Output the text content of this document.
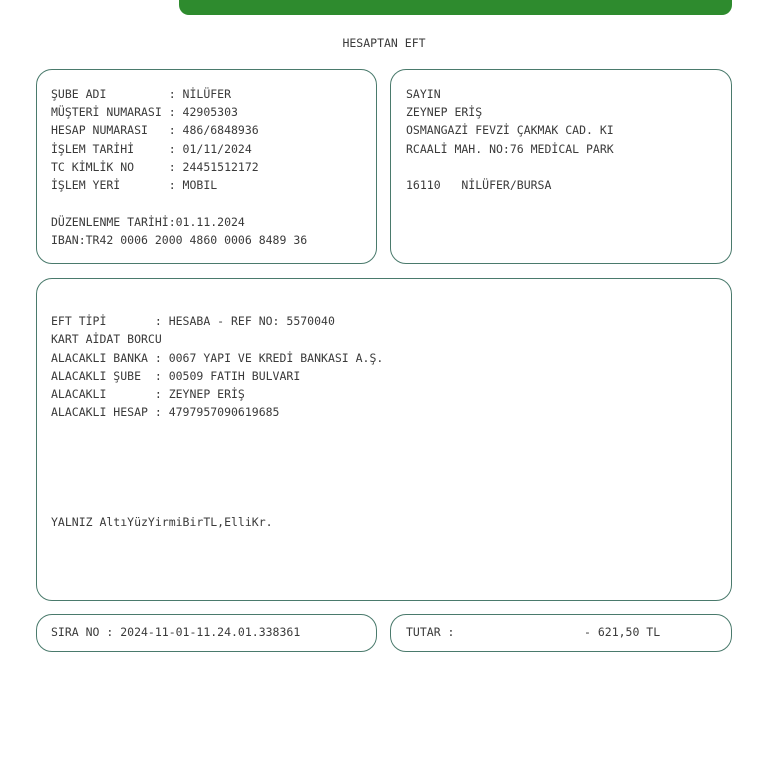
HESAPTAN EFT
ŞUBE ADI         : NİLÜFER
MÜŞTERİ NUMARASI : 42905303
HESAP NUMARASI   : 486/6848936
İŞLEM TARİHİ     : 01/11/2024
TC KİMLİK NO     : 24451512172
İŞLEM YERİ       : MOBIL
DÜZENLENME TARİHİ:01.11.2024
IBAN:TR42 0006 2000 4860 0006 8489 36
SAYIN
ZEYNEP ERİŞ
OSMANGAZİ FEVZİ ÇAKMAK CAD. KI
RCAALİ MAH. NO:76 MEDİCAL PARK
16110   NİLÜFER/BURSA
EFT TİPİ       : HESABA - REF NO: 5570040
KART AİDAT BORCU
ALACAKLI BANKA : 0067 YAPI VE KREDİ BANKASI A.Ş.
ALACAKLI ŞUBE  : 00509 FATIH BULVARI
ALACAKLI       : ZEYNEP ERİŞ
ALACAKLI HESAP : 4797957090619685
YALNIZ AltıYüzYirmiBirTL,ElliKr.
SIRA NO : 2024-11-01-11.24.01.338361	TUTAR :	- 621,50 TL
